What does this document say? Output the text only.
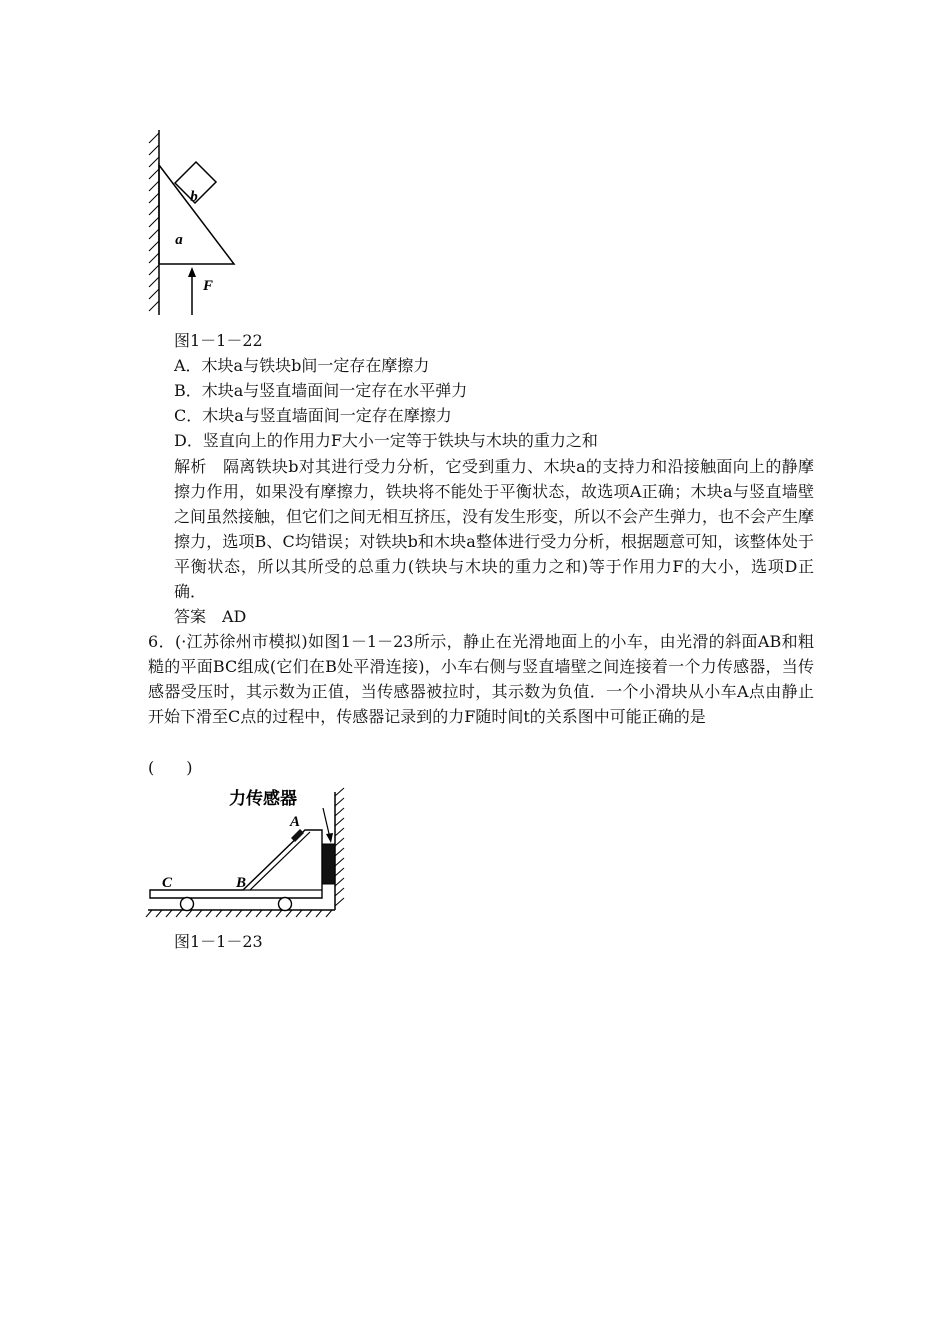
b
a
F
图1－1－22
A．木块a与铁块b间一定存在摩擦力
B．木块a与竖直墙面间一定存在水平弹力
C．木块a与竖直墙面间一定存在摩擦力
D．竖直向上的作用力F大小一定等于铁块与木块的重力之和
解析　隔离铁块b对其进行受力分析，它受到重力、木块a的支持力和沿接触面向上的静摩擦力作用，如果没有摩擦力，铁块将不能处于平衡状态，故选项A正确；木块a与竖直墙壁之间虽然接触，但它们之间无相互挤压，没有发生形变，所以不会产生弹力，也不会产生摩擦力，选项B、C均错误；对铁块b和木块a整体进行受力分析，根据题意可知，该整体处于平衡状态，所以其所受的总重力(铁块与木块的重力之和)等于作用力F的大小，选项D正确．
答案　AD
6．(·江苏徐州市模拟)如图1－1－23所示，静止在光滑地面上的小车，由光滑的斜面AB和粗糙的平面BC组成(它们在B处平滑连接)，小车右侧与竖直墙壁之间连接着一个力传感器，当传感器受压时，其示数为正值，当传感器被拉时，其示数为负值．一个小滑块从小车A点由静止开始下滑至C点的过程中，传感器记录到的力F随时间t的关系图中可能正确的是
(　　)
力传感器
A
B
C
图1－1－23
